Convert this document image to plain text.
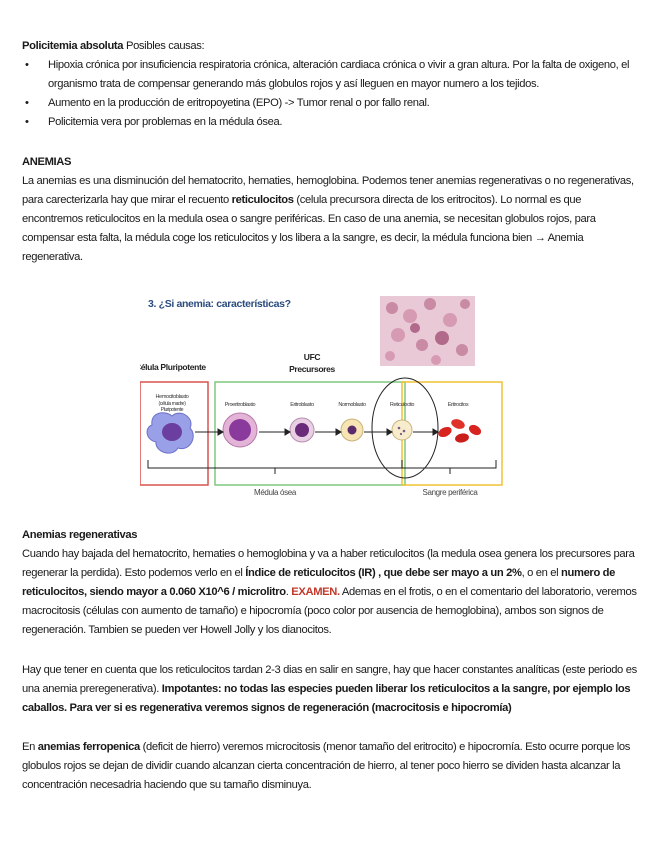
Policitemia absoluta Posibles causas:
• Hipoxia crónica por insuficiencia respiratoria crónica, alteración cardiaca crónica o vivir a gran altura. Por la falta de oxigeno, el organismo trata de compensar generando más globulos rojos y así lleguen en mayor numero a los tejidos.
• Aumento en la producción de eritropoyetina (EPO) -> Tumor renal o por fallo renal.
• Policitemia vera por problemas en la médula ósea.
ANEMIAS
La anemias es una disminución del hematocrito, hematies, hemoglobina. Podemos tener anemias regenerativas o no regenerativas, para carecterizarla hay que mirar el recuento reticulocitos (celula precursora directa de los eritrocitos). Lo normal es que encontremos reticulocitos en la medula osea o sangre periféricas. En caso de una anemia, se necesitan globulos rojos, para compensar esta falta, la médula coge los reticulocitos y los libera a la sangre, es decir, la médula funciona bien → Anemia regenerativa.
3. ¿Si anemia: características?
Célula Pluripotente
UFC
Precursores
Hemocitoblasto
(célula madre)
Pluripotente
Proeritroblasto	Eritroblasto	Normoblasto	Reticulocito	Eritrocitos
Médula ósea	Sangre periférica
Anemias regenerativas
Cuando hay bajada del hematocrito, hematies o hemoglobina y va a haber reticulocitos (la medula osea genera los precursores para regenerar la perdida). Esto podemos verlo en el Índice de reticulocitos (IR) , que debe ser mayo a un 2%, o en el numero de reticulocitos, siendo mayor a 0.060 X10^6 / microlitro. EXAMEN. Ademas en el frotis, o en el comentario del laboratorio, veremos macrocitosis (células con aumento de tamaño) e hipocromía (poco color por ausencia de hemoglobina), ambos son signos de regeneración. Tambien se pueden ver Howell Jolly y los dianocitos.
Hay que tener en cuenta que los reticulocitos tardan 2-3 dias en salir en sangre, hay que hacer constantes analíticas (este periodo es una anemia preregenerativa). Impotantes: no todas las especies pueden liberar los reticulocitos a la sangre, por ejemplo los caballos. Para ver si es regenerativa veremos signos de regeneración (macrocitosis e hipocromía)
En anemias ferropenica (deficit de hierro) veremos microcitosis (menor tamaño del eritrocito) e hipocromía. Esto ocurre porque los globulos rojos se dejan de dividir cuando alcanzan cierta concentración de hierro, al tener poco hierro se dividen hasta alcanzar la concentración necesadria haciendo que su tamaño disminuya.
